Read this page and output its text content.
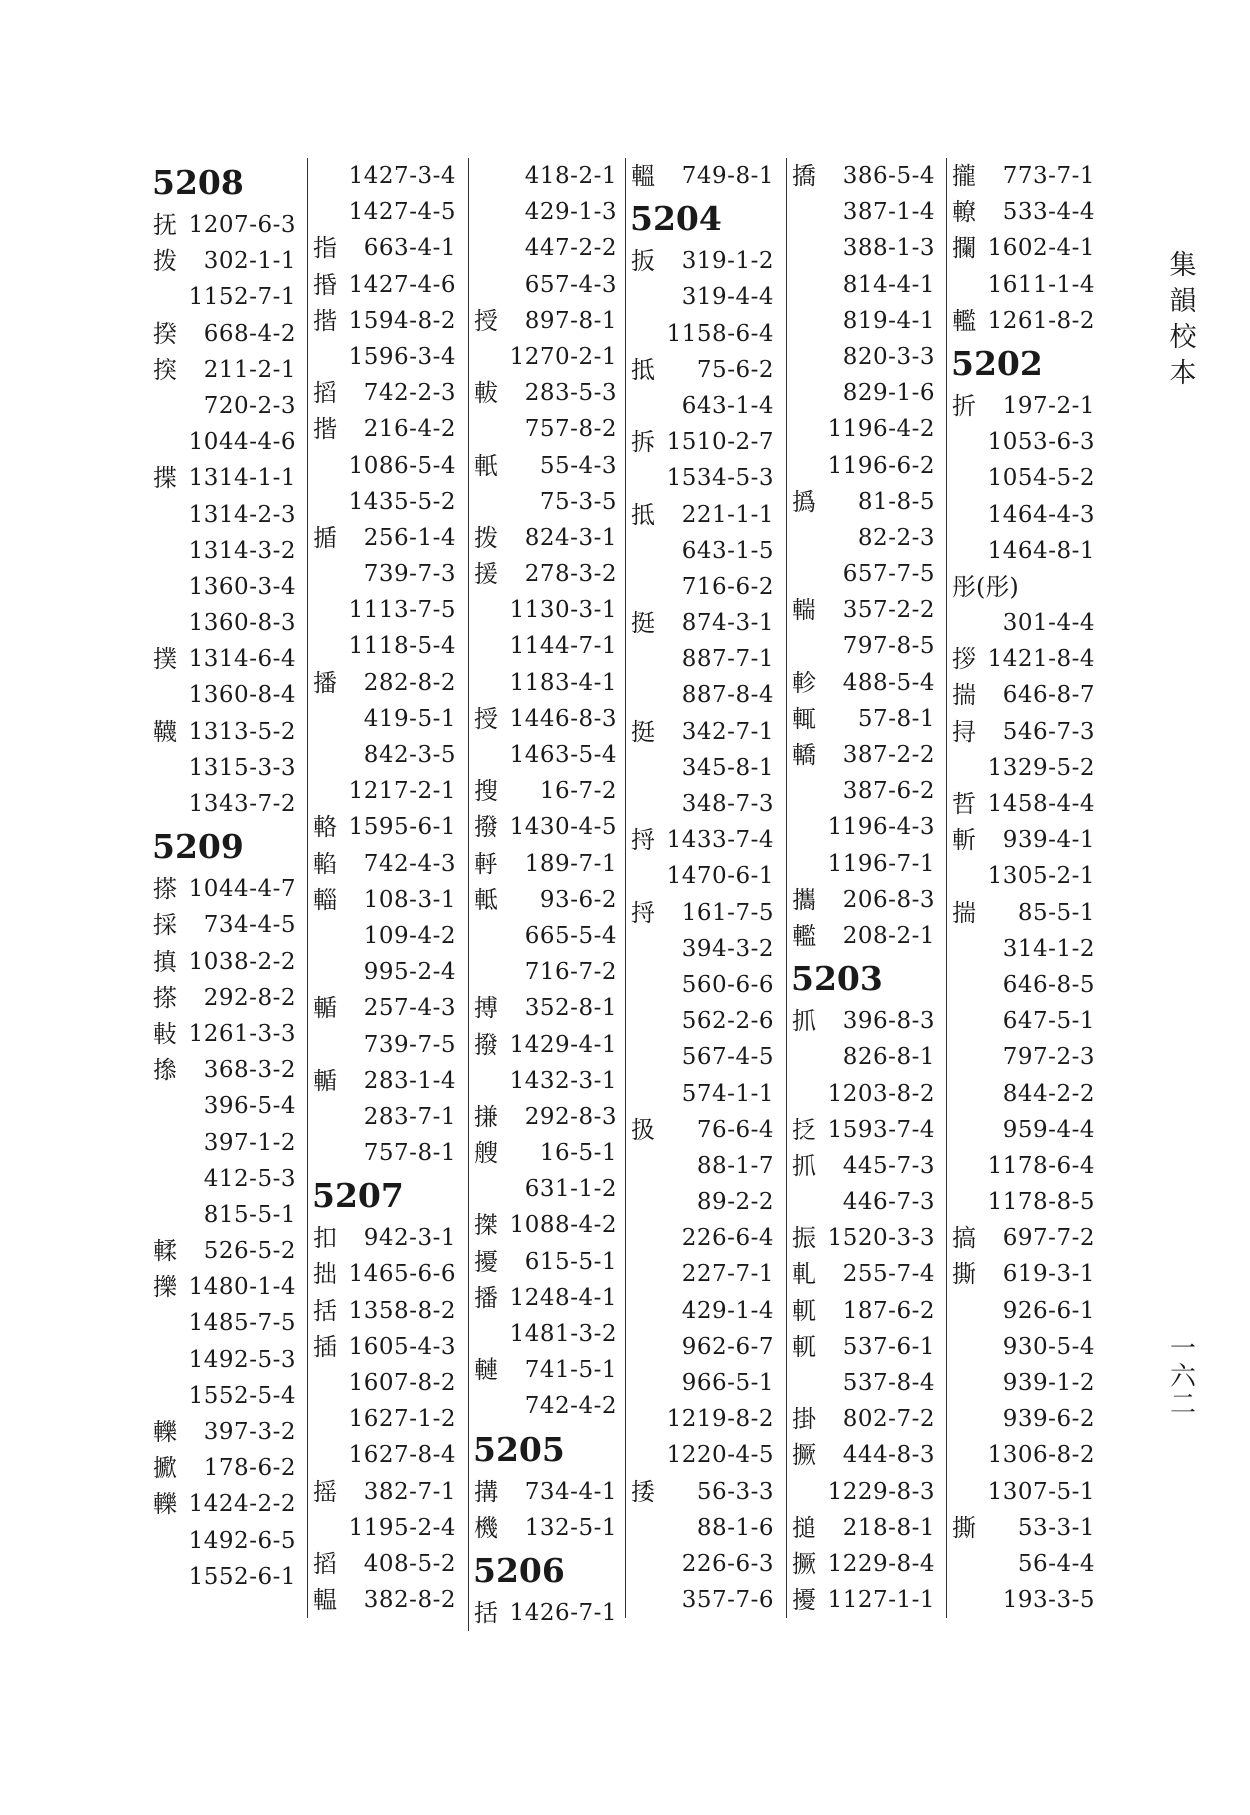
5208
抚 1207-6-3
拨 302-1-1
1152-7-1
揆 668-4-2
揬 211-2-1
720-2-3
1044-4-6
揲 1314-1-1
1314-2-3
1314-3-2
1360-3-4
1360-8-3
撲 1314-6-4
1360-8-4
韈 1313-5-2
1315-3-3
1343-7-2
5209
搽 1044-4-7
採 734-4-5
搷 1038-2-2
搽 292-8-2
軙 1261-3-3
撡 368-3-2
396-5-4
397-1-2
412-5-3
815-5-1
輮 526-5-2
擽 1480-1-4
1485-7-5
1492-5-3
1552-5-4
轢 397-3-2
擨 178-6-2
轢 1424-2-2
1492-6-5
1552-6-1
1427-3-4
1427-4-5
指 663-4-1
捪 1427-4-6
揩 1594-8-2
1596-3-4
搯 742-2-3
揩 216-4-2
1086-5-4
1435-5-2
揗 256-1-4
739-7-3
1113-7-5
1118-5-4
播 282-8-2
419-5-1
842-3-5
1217-2-1
輅 1595-6-1
輡 742-4-3
輜 108-3-1
109-4-2
995-2-4
輴 257-4-3
739-7-5
輴 283-1-4
283-7-1
757-8-1
5207
扣 942-3-1
拙 1465-6-6
括 1358-8-2
插 1605-4-3
1607-8-2
1627-1-2
1627-8-4
摇 382-7-1
1195-2-4
搯 408-5-2
輼 382-8-2
418-2-1
429-1-3
447-2-2
657-4-3
授 897-8-1
1270-2-1
軷 283-5-3
757-8-2
軝 55-4-3
75-3-5
拨 824-3-1
援 278-3-2
1130-3-1
1144-7-1
1183-4-1
授 1446-8-3
1463-5-4
搜 16-7-2
撥 1430-4-5
軤 189-7-1
軧 93-6-2
665-5-4
716-7-2
搏 352-8-1
撥 1429-4-1
1432-3-1
搛 292-8-3
艘 16-5-1
631-1-2
搩 1088-4-2
擾 615-5-1
播 1248-4-1
1481-3-2
轋 741-5-1
742-4-2
5205
搆 734-4-1
機 132-5-1
5206
括 1426-7-1
轀 749-8-1
5204
扳 319-1-2
319-4-4
1158-6-4
抵 75-6-2
643-1-4
拆 1510-2-7
1534-5-3
抵 221-1-1
643-1-5
716-6-2
挺 874-3-1
887-7-1
887-8-4
挺 342-7-1
345-8-1
348-7-3
捋 1433-7-4
1470-6-1
捋 161-7-5
394-3-2
560-6-6
562-2-6
567-4-5
574-1-1
扱 76-6-4
88-1-7
89-2-2
226-6-4
227-7-1
429-1-4
962-6-7
966-5-1
1219-8-2
1220-4-5
捼 56-3-3
88-1-6
226-6-3
357-7-6
撟 386-5-4
387-1-4
388-1-3
814-4-1
819-4-1
820-3-3
829-1-6
1196-4-2
1196-6-2
撝 81-8-5
82-2-3
657-7-5
輲 357-2-2
797-8-5
軫 488-5-4
輒 57-8-1
轎 387-2-2
387-6-2
1196-4-3
1196-7-1
攜 206-8-3
轞 208-2-1
5203
抓 396-8-3
826-8-1
1203-8-2
抸 1593-7-4
抓 445-7-3
446-7-3
振 1520-3-3
軋 255-7-4
軏 187-6-2
軏 537-6-1
537-8-4
掛 802-7-2
撅 444-8-3
1229-8-3
搥 218-8-1
撅 1229-8-4
擾 1127-1-1
攏 773-7-1
轑 533-4-4
攔 1602-4-1
1611-1-4
轞 1261-8-2
5202
折 197-2-1
1053-6-3
1054-5-2
1464-4-3
1464-8-1
彤(彤)
301-4-4
拶 1421-8-4
揣 646-8-7
挦 546-7-3
1329-5-2
哲 1458-4-4
斬 939-4-1
1305-2-1
揣 85-5-1
314-1-2
646-8-5
647-5-1
797-2-3
844-2-2
959-4-4
1178-6-4
1178-8-5
搞 697-7-2
撕 619-3-1
926-6-1
930-5-4
939-1-2
939-6-2
1306-8-2
1307-5-1
撕 53-3-1
56-4-4
193-3-5
集
韻
校
本
一
六
二
